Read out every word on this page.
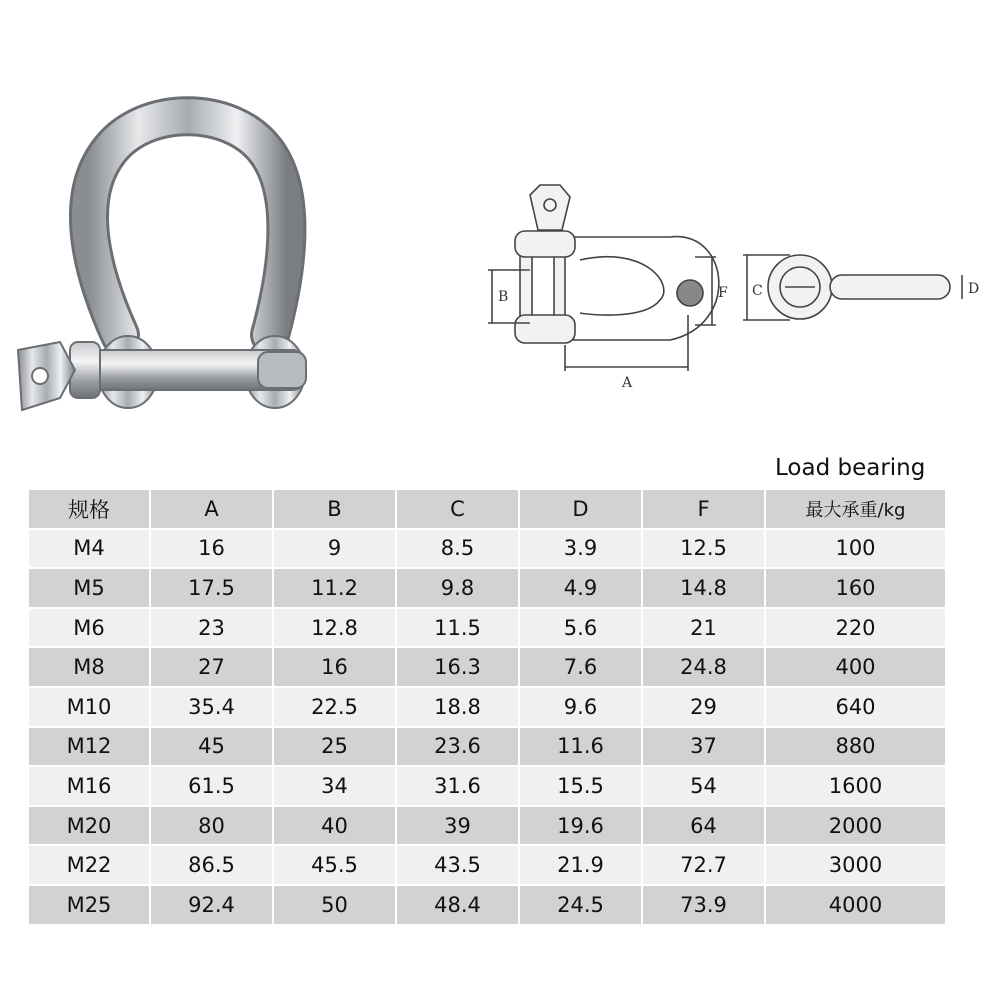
B	F
A
C	D
Load bearing
规格	A	B	C	D	F	最大承重/kg
M4	16	9	8.5	3.9	12.5	100
M5	17.5	11.2	9.8	4.9	14.8	160
M6	23	12.8	11.5	5.6	21	220
M8	27	16	16.3	7.6	24.8	400
M10	35.4	22.5	18.8	9.6	29	640
M12	45	25	23.6	11.6	37	880
M16	61.5	34	31.6	15.5	54	1600
M20	80	40	39	19.6	64	2000
M22	86.5	45.5	43.5	21.9	72.7	3000
M25	92.4	50	48.4	24.5	73.9	4000
